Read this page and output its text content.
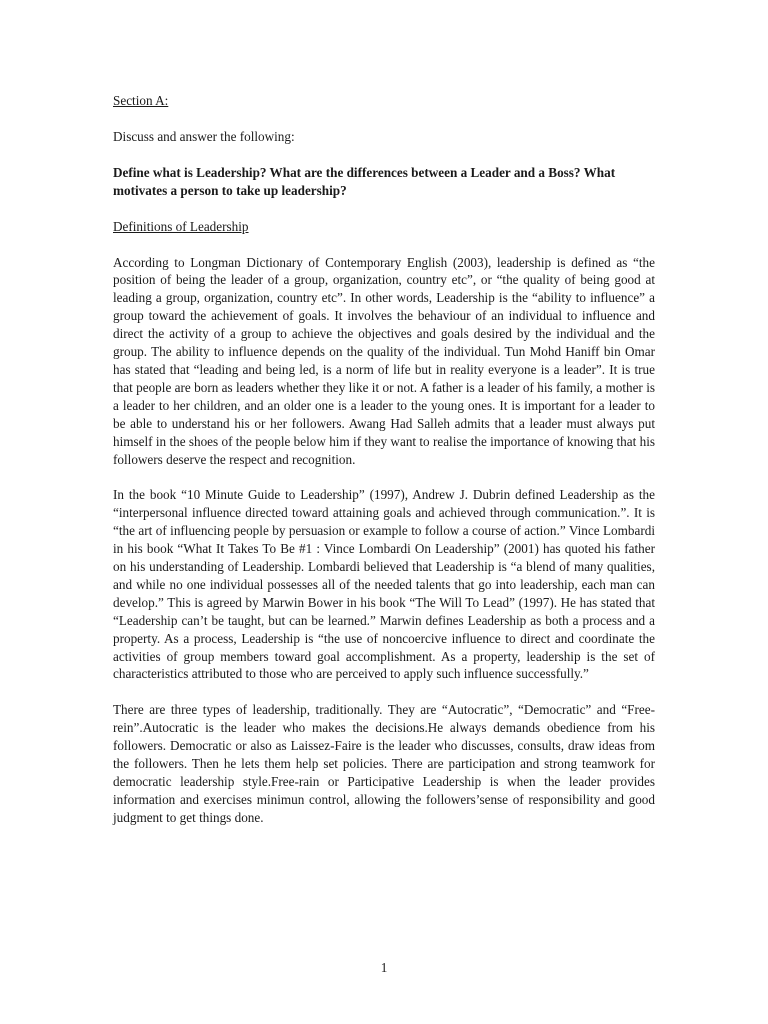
Section A:

Discuss and answer the following:

Define what is Leadership? What are the differences between a Leader and a Boss? What motivates a person to take up leadership?

Definitions of Leadership

According to Longman Dictionary of Contemporary English (2003), leadership is defined as “the position of being the leader of a group, organization, country etc”, or “the quality of being good at leading a group, organization, country etc”. In other words, Leadership is the “ability to influence” a group toward the achievement of goals. It involves the behaviour of an individual to influence and direct the activity of a group to achieve the objectives and goals desired by the individual and the group. The ability to influence depends on the quality of the individual. Tun Mohd Haniff bin Omar has stated that “leading and being led, is a norm of life but in reality everyone is a leader”. It is true that people are born as leaders whether they like it or not. A father is a leader of his family, a mother is a leader to her children, and an older one is a leader to the young ones. It is important for a leader to be able to understand his or her followers. Awang Had Salleh admits that a leader must always put himself in the shoes of the people below him if they want to realise the importance of knowing that his followers deserve the respect and recognition.

In the book “10 Minute Guide to Leadership” (1997), Andrew J. Dubrin defined Leadership as the “interpersonal influence directed toward attaining goals and achieved through communication.”. It is “the art of influencing people by persuasion or example to follow a course of action.” Vince Lombardi in his book “What It Takes To Be #1 : Vince Lombardi On Leadership” (2001) has quoted his father on his understanding of Leadership. Lombardi believed that Leadership is “a blend of many qualities, and while no one individual possesses all of the needed talents that go into leadership, each man can develop.” This is agreed by Marwin Bower in his book “The Will To Lead” (1997). He has stated that “Leadership can’t be taught, but can be learned.” Marwin defines Leadership as both a process and a property. As a process, Leadership is “the use of noncoercive influence to direct and coordinate the activities of group members toward goal accomplishment. As a property, leadership is the set of characteristics attributed to those who are perceived to apply such influence successfully.”

There are three types of leadership, traditionally. They are “Autocratic”, “Democratic” and “Free-rein”.Autocratic is the leader who makes the decisions.He always demands obedience from his followers. Democratic or also as Laissez-Faire is the leader who discusses, consults, draw ideas from the followers. Then he lets them help set policies. There are participation and strong teamwork for democratic leadership style.Free-rain or Participative Leadership is when the leader provides information and exercises minimun control, allowing the followers’sense of responsibility and good judgment to get things done.

1
